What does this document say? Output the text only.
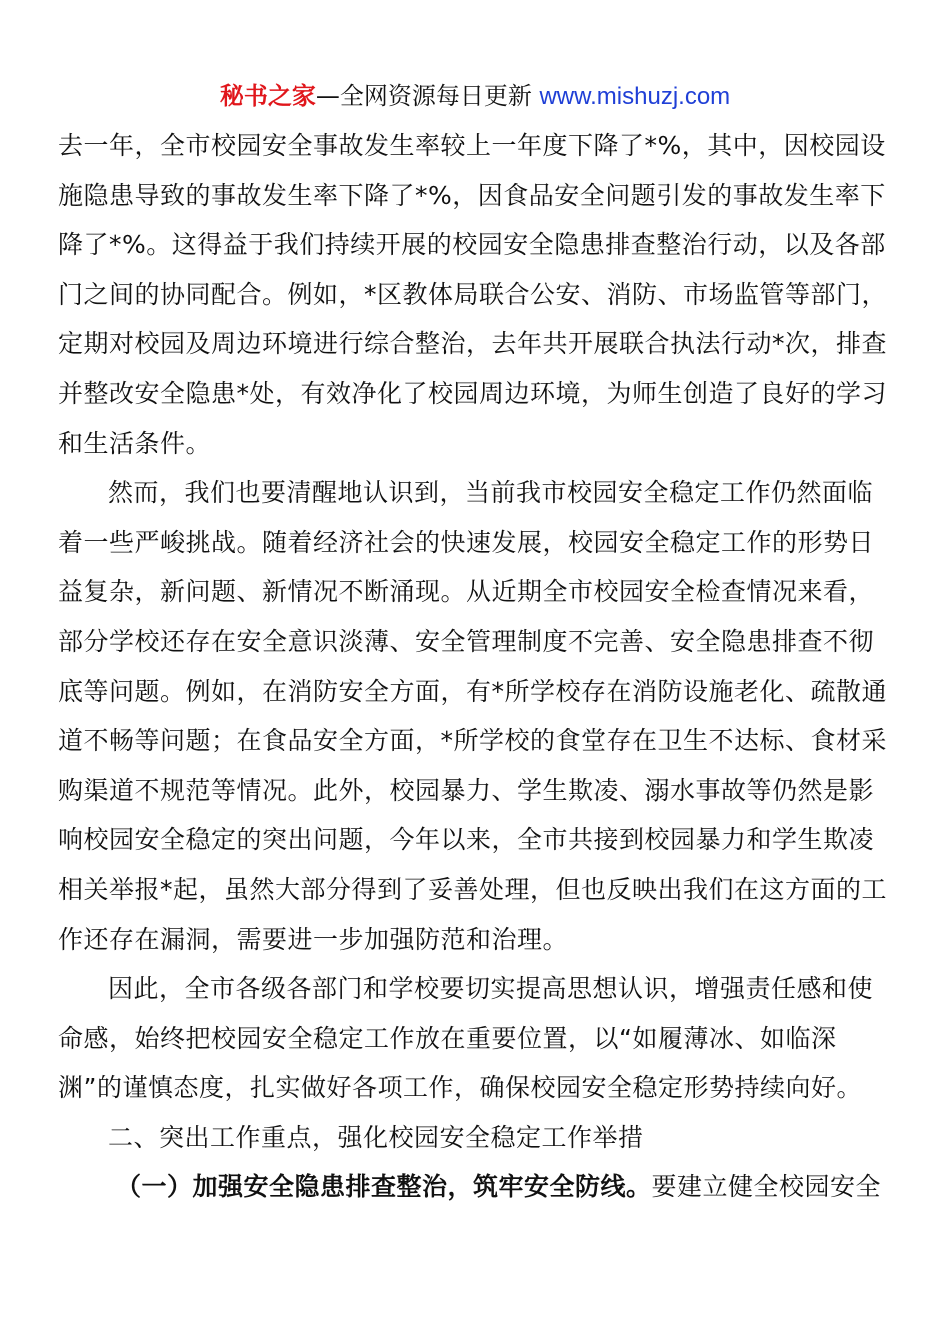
秘书之家—全网资源每日更新 www.mishuzj.com
去一年，全市校园安全事故发生率较上一年度下降了*%，其中，因校园设
施隐患导致的事故发生率下降了*%，因食品安全问题引发的事故发生率下
降了*%。这得益于我们持续开展的校园安全隐患排查整治行动，以及各部
门之间的协同配合。例如，*区教体局联合公安、消防、市场监管等部门，
定期对校园及周边环境进行综合整治，去年共开展联合执法行动*次，排查
并整改安全隐患*处，有效净化了校园周边环境，为师生创造了良好的学习
和生活条件。
然而，我们也要清醒地认识到，当前我市校园安全稳定工作仍然面临
着一些严峻挑战。随着经济社会的快速发展，校园安全稳定工作的形势日
益复杂，新问题、新情况不断涌现。从近期全市校园安全检查情况来看，
部分学校还存在安全意识淡薄、安全管理制度不完善、安全隐患排查不彻
底等问题。例如，在消防安全方面，有*所学校存在消防设施老化、疏散通
道不畅等问题；在食品安全方面，*所学校的食堂存在卫生不达标、食材采
购渠道不规范等情况。此外，校园暴力、学生欺凌、溺水事故等仍然是影
响校园安全稳定的突出问题，今年以来，全市共接到校园暴力和学生欺凌
相关举报*起，虽然大部分得到了妥善处理，但也反映出我们在这方面的工
作还存在漏洞，需要进一步加强防范和治理。
因此，全市各级各部门和学校要切实提高思想认识，增强责任感和使
命感，始终把校园安全稳定工作放在重要位置，以“如履薄冰、如临深
渊”的谨慎态度，扎实做好各项工作，确保校园安全稳定形势持续向好。
二、突出工作重点，强化校园安全稳定工作举措
（一）加强安全隐患排查整治，筑牢安全防线。要建立健全校园安全
